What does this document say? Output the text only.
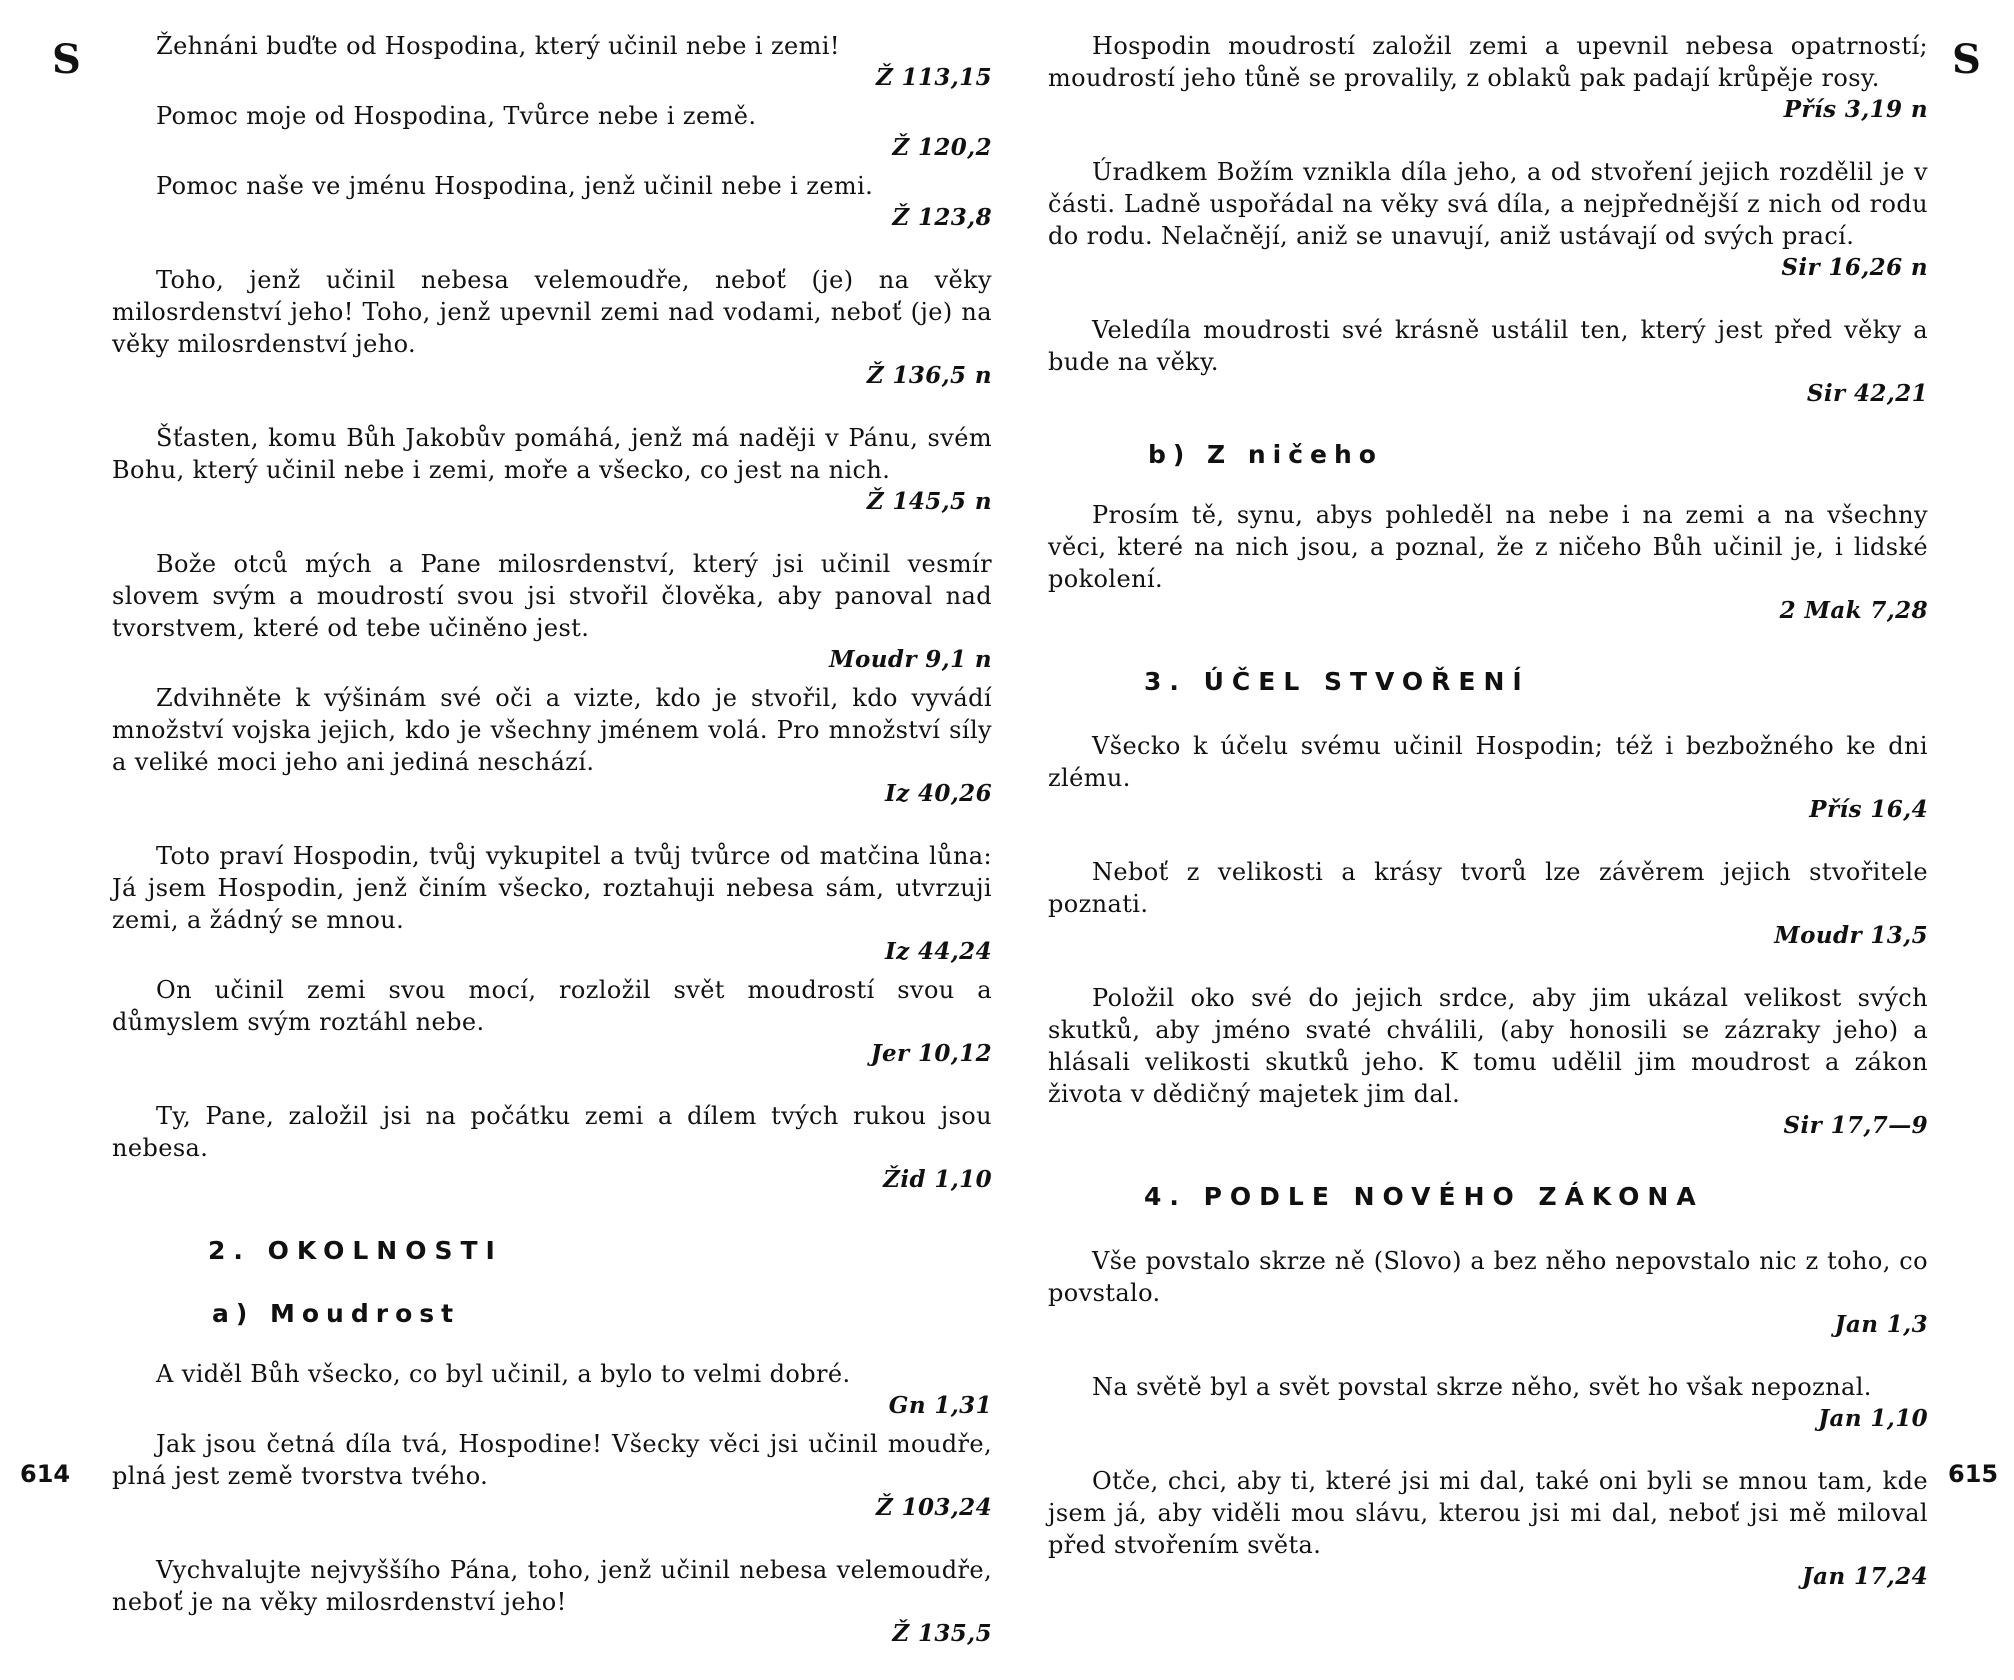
S
614
S
615
Žehnáni buďte od Hospodina, který učinil nebe i zemi!
Ž 113,15
Pomoc moje od Hospodina, Tvůrce nebe i země.
Ž 120,2
Pomoc naše ve jménu Hospodina, jenž učinil nebe i zemi.
Ž 123,8
Toho, jenž učinil nebesa velemoudře, neboť (je) na věky milosrdenství jeho! Toho, jenž upevnil zemi nad vodami, neboť (je) na věky milosrdenství jeho.
Ž 136,5 n
Šťasten, komu Bůh Jakobův pomáhá, jenž má naději v Pánu, svém Bohu, který učinil nebe i zemi, moře a všecko, co jest na nich.
Ž 145,5 n
Bože otců mých a Pane milosrdenství, který jsi učinil vesmír slovem svým a moudrostí svou jsi stvořil člověka, aby panoval nad tvorstvem, které od tebe učiněno jest.
Moudr 9,1 n
Zdvihněte k výšinám své oči a vizte, kdo je stvořil, kdo vyvádí množství vojska jejich, kdo je všechny jménem volá. Pro množství síly a veliké moci jeho ani jediná neschází.
Iz 40,26
Toto praví Hospodin, tvůj vykupitel a tvůj tvůrce od matčina lůna: Já jsem Hospodin, jenž činím všecko, roztahuji nebesa sám, utvrzuji zemi, a žádný se mnou.
Iz 44,24
On učinil zemi svou mocí, rozložil svět moudrostí svou a důmyslem svým roztáhl nebe.
Jer 10,12
Ty, Pane, založil jsi na počátku zemi a dílem tvých rukou jsou nebesa.
Žid 1,10
2. OKOLNOSTI
a) Moudrost
A viděl Bůh všecko, co byl učinil, a bylo to velmi dobré.
Gn 1,31
Jak jsou četná díla tvá, Hospodine! Všecky věci jsi učinil moudře, plná jest země tvorstva tvého.
Ž 103,24
Vychvalujte nejvyššího Pána, toho, jenž učinil nebesa velemoudře, neboť je na věky milosrdenství jeho!
Ž 135,5
Hospodin moudrostí založil zemi a upevnil nebesa opatrností; moudrostí jeho tůně se provalily, z oblaků pak padají krůpěje rosy.
Přís 3,19 n
Úradkem Božím vznikla díla jeho, a od stvoření jejich rozdělil je v části. Ladně uspořádal na věky svá díla, a nejpřednější z nich od rodu do rodu. Nelačnějí, aniž se unavují, aniž ustávají od svých prací.
Sir 16,26 n
Veledíla moudrosti své krásně ustálil ten, který jest před věky a bude na věky.
Sir 42,21
b) Z ničeho
Prosím tě, synu, abys pohleděl na nebe i na zemi a na všechny věci, které na nich jsou, a poznal, že z ničeho Bůh učinil je, i lidské pokolení.
2 Mak 7,28
3. ÚČEL STVOŘENÍ
Všecko k účelu svému učinil Hospodin; též i bezbožného ke dni zlému.
Přís 16,4
Neboť z velikosti a krásy tvorů lze závěrem jejich stvořitele poznati.
Moudr 13,5
Položil oko své do jejich srdce, aby jim ukázal velikost svých skutků, aby jméno svaté chválili, (aby honosili se zázraky jeho) a hlásali velikosti skutků jeho. K tomu udělil jim moudrost a zákon života v dědičný majetek jim dal.
Sir 17,7—9
4. PODLE NOVÉHO ZÁKONA
Vše povstalo skrze ně (Slovo) a bez něho nepovstalo nic z toho, co povstalo.
Jan 1,3
Na světě byl a svět povstal skrze něho, svět ho však nepoznal.
Jan 1,10
Otče, chci, aby ti, které jsi mi dal, také oni byli se mnou tam, kde jsem já, aby viděli mou slávu, kterou jsi mi dal, neboť jsi mě miloval před stvořením světa.
Jan 17,24
